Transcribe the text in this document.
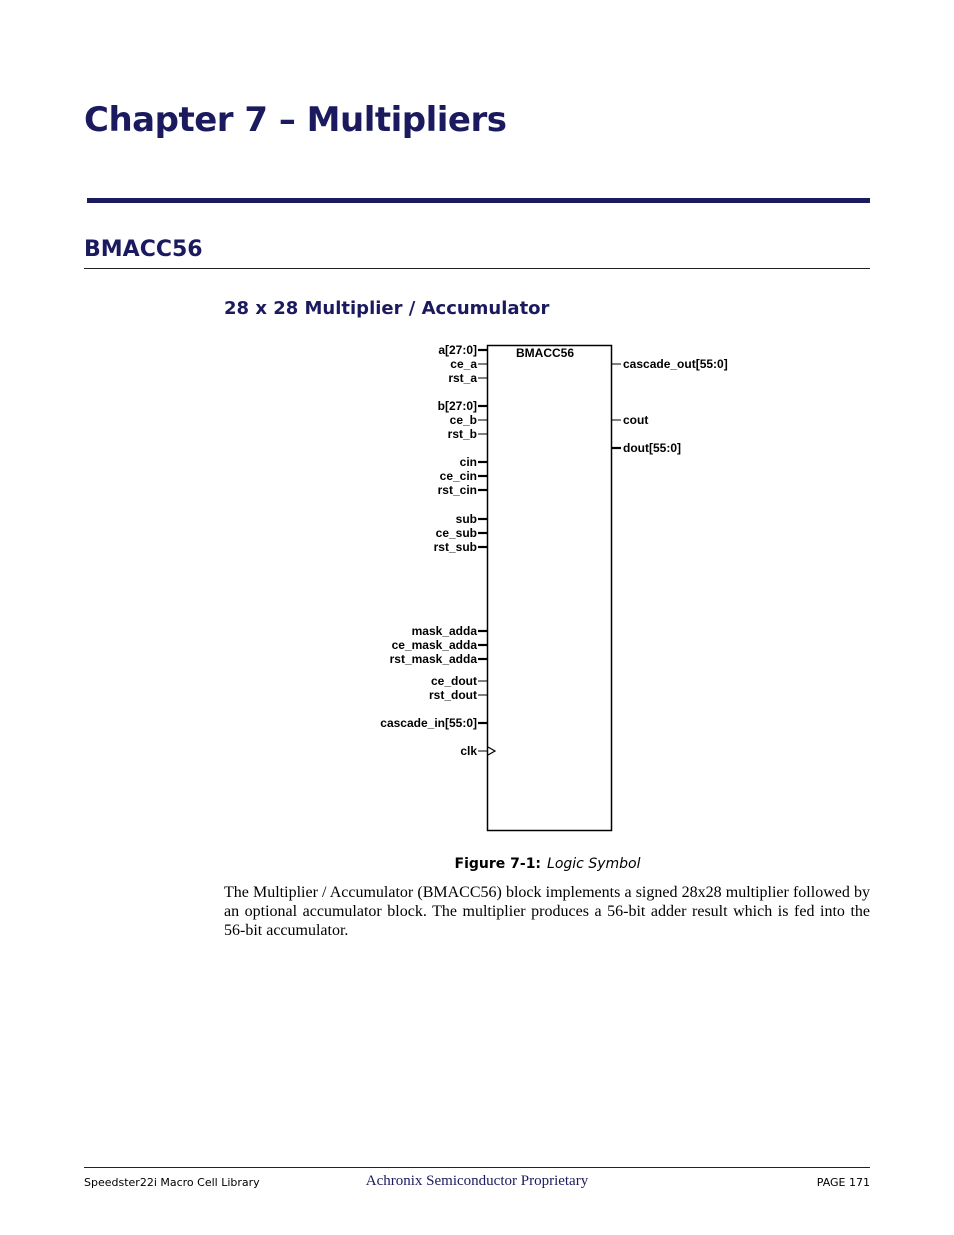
Chapter 7 – Multipliers
BMACC56
28 x 28 Multiplier / Accumulator
BMACC56
a[27:0]
ce_a
rst_a
b[27:0]
ce_b
rst_b
cin
ce_cin
rst_cin
sub
ce_sub
rst_sub
mask_adda
ce_mask_adda
rst_mask_adda
ce_dout
rst_dout
cascade_in[55:0]
clk
cascade_out[55:0]
cout
dout[55:0]
Figure 7-1: Logic Symbol

The Multiplier / Accumulator (BMACC56) block implements a signed 28x28 multiplier followed by an optional accumulator block. The multiplier produces a 56-bit adder result which is fed into the 56-bit accumulator.

Speedster22i Macro Cell Library	Achronix Semiconductor Proprietary	PAGE 171
